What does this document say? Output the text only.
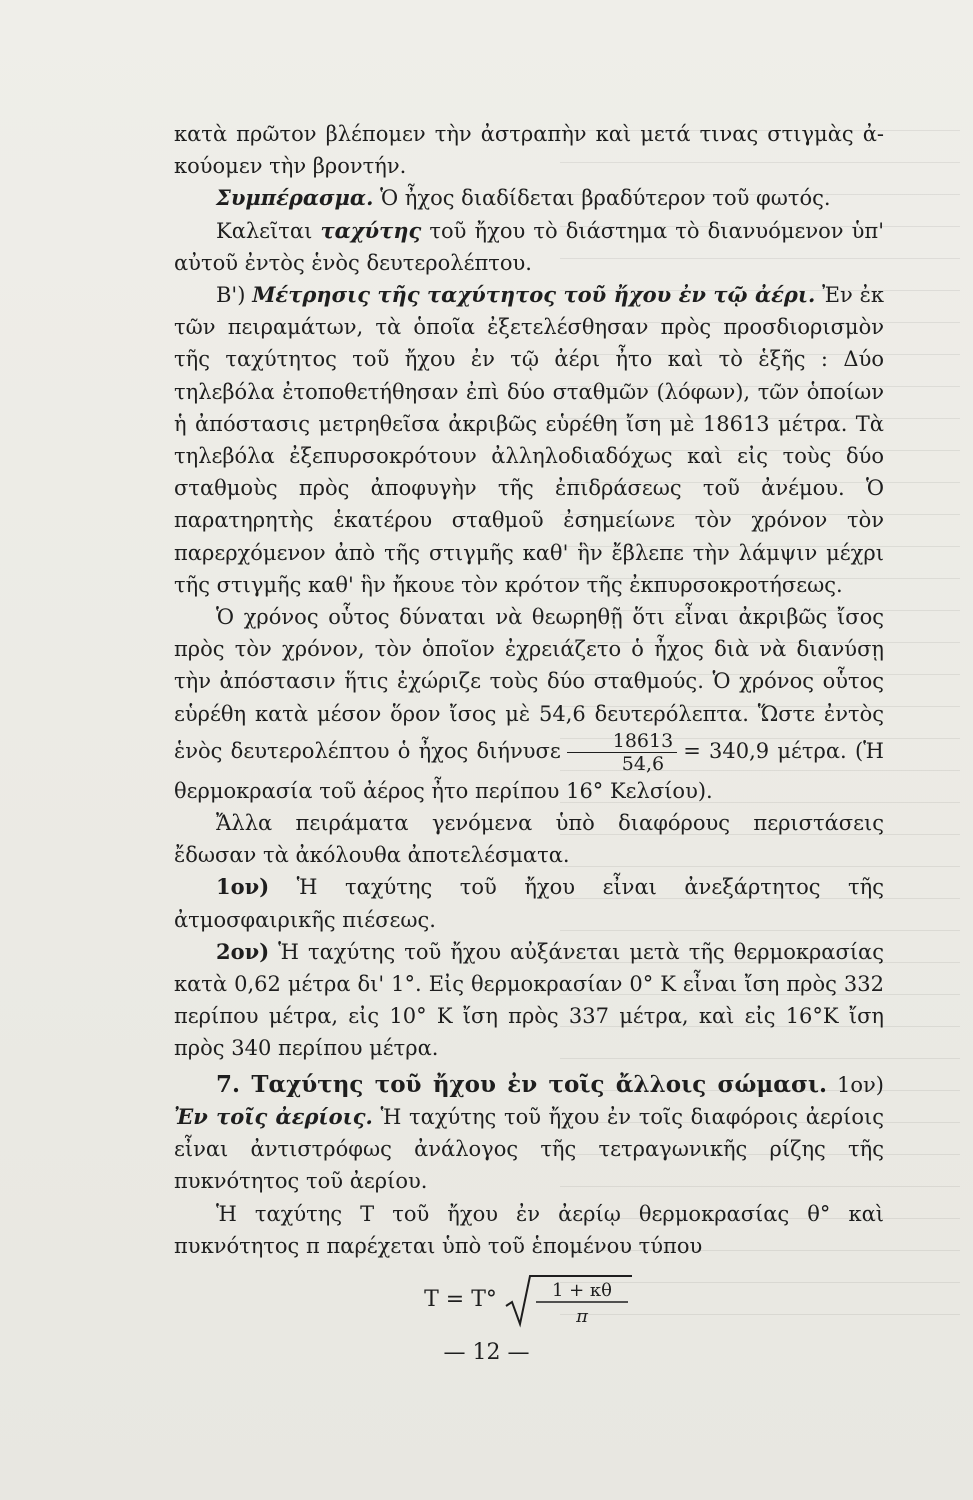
κατὰ πρῶτον βλέπομεν τὴν ἀστραπὴν καὶ μετά τινας στιγμὰς ἀ-κούομεν τὴν βροντήν.

Συμπέρασμα. Ὁ ἦχος διαδίδεται βραδύτερον τοῦ φωτός.

Καλεῖται ταχύτης τοῦ ἤχου τὸ διάστημα τὸ διανυόμενον ὑπ' αὐτοῦ ἐντὸς ἑνὸς δευτερολέπτου.

Β') Μέτρησις τῆς ταχύτητος τοῦ ἤχου ἐν τῷ ἀέρι. Ἐν ἐκ τῶν πειραμάτων, τὰ ὁποῖα ἐξετελέσθησαν πρὸς προσδιορισμὸν τῆς ταχύτητος τοῦ ἤχου ἐν τῷ ἀέρι ἦτο καὶ τὸ ἑξῆς : Δύο τηλεβόλα ἐτοποθετήθησαν ἐπὶ δύο σταθμῶν (λόφων), τῶν ὁποίων ἡ ἀπόστασις μετρηθεῖσα ἀκριβῶς εὑρέθη ἴση μὲ 18613 μέτρα. Τὰ τηλεβόλα ἐξεπυρσοκρότουν ἀλληλοδιαδόχως καὶ εἰς τοὺς δύο σταθμοὺς πρὸς ἀποφυγὴν τῆς ἐπιδράσεως τοῦ ἀνέμου. Ὁ παρατηρητὴς ἑκατέρου σταθμοῦ ἐσημείωνε τὸν χρόνον τὸν παρερχόμενον ἀπὸ τῆς στιγμῆς καθ' ἣν ἔβλεπε τὴν λάμψιν μέχρι τῆς στιγμῆς καθ' ἣν ἤκουε τὸν κρότον τῆς ἐκπυρσοκροτήσεως.

Ὁ χρόνος οὗτος δύναται νὰ θεωρηθῇ ὅτι εἶναι ἀκριβῶς ἴσος πρὸς τὸν χρόνον, τὸν ὁποῖον ἐχρειάζετο ὁ ἦχος διὰ νὰ διανύσῃ τὴν ἀπόστασιν ἥτις ἐχώριζε τοὺς δύο σταθμούς. Ὁ χρόνος οὗτος εὑρέθη κατὰ μέσον ὅρον ἴσος μὲ 54,6 δευτερόλεπτα. Ὥστε ἐντὸς ἑνὸς δευτερολέπτου ὁ ἦχος διήνυσε $\frac{18613}{54,6} = 340,9$ μέτρα. (Ἡ θερμοκρασία τοῦ ἀέρος ἦτο περίπου 16° Κελσίου).

Ἄλλα πειράματα γενόμενα ὑπὸ διαφόρους περιστάσεις ἔδωσαν τὰ ἀκόλουθα ἀποτελέσματα.

1ον) Ἡ ταχύτης τοῦ ἤχου εἶναι ἀνεξάρτητος τῆς ἀτμοσφαιρικῆς πιέσεως.

2ον) Ἡ ταχύτης τοῦ ἤχου αὐξάνεται μετὰ τῆς θερμοκρασίας κατὰ 0,62 μέτρα δι' 1°. Εἰς θερμοκρασίαν 0° Κ εἶναι ἴση πρὸς 332 περίπου μέτρα, εἰς 10° Κ ἴση πρὸς 337 μέτρα, καὶ εἰς 16°Κ ἴση πρὸς 340 περίπου μέτρα.

7. Ταχύτης τοῦ ἤχου ἐν τοῖς ἄλλοις σώμασι. 1ον) Ἐν τοῖς ἀερίοις. Ἡ ταχύτης τοῦ ἤχου ἐν τοῖς διαφόροις ἀερίοις εἶναι ἀντιστρόφως ἀνάλογος τῆς τετραγωνικῆς ρίζης τῆς πυκνότητος τοῦ ἀερίου.

Ἡ ταχύτης Τ τοῦ ἤχου ἐν ἀερίῳ θερμοκρασίας θ° καὶ πυκνότητος π παρέχεται ὑπὸ τοῦ ἑπομένου τύπου

Τ = Τ°	1 + κθ
π
— 12 —
